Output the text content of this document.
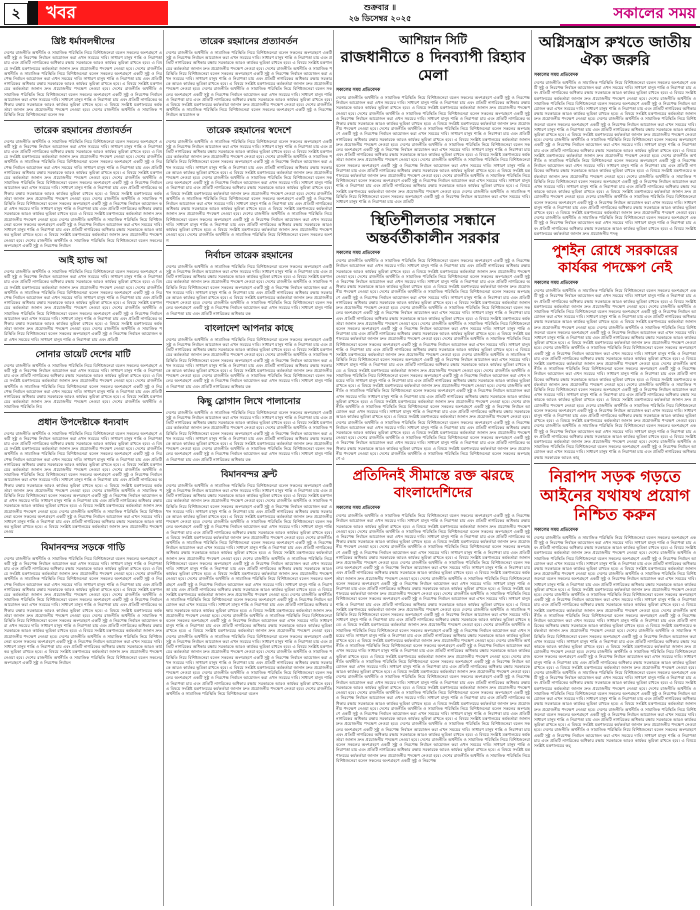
২	খবর	শুক্রবার ॥
২৬ ডিসেম্বর ২০২৫	সকালের সময়
খ্রিষ্ট ধর্মাবলম্বীদের
দেশের রাজনীতি অর্থনীতি ও সামাজিক পরিস্থিতি নিয়ে বিশিষ্টজনেরা বলেন সকলের অংশগ্রহণে একটি সুষ্ঠু ও নিরপেক্ষ নির্বাচন আয়োজন করা এখন সময়ের দাবি। সাধারণ মানুষ শান্তি ও নিরাপত্তা চায় এবং প্রতিটি নাগরিকের অধিকার রক্ষায় সরকারকে আরও কার্যকর ভূমিকা রাখতে হবে। এ বিষয়ে সংশ্লিষ্ট মন্ত্রণালয়ের কর্মকর্তারা জানান দ্রুত প্রয়োজনীয় পদক্ষেপ নেওয়া হবে। দেশের রাজনীতি অর্থনীতি ও সামাজিক পরিস্থিতি নিয়ে বিশিষ্টজনেরা বলেন সকলের অংশগ্রহণে একটি সুষ্ঠু ও নিরপেক্ষ নির্বাচন আয়োজন করা এখন সময়ের দাবি। সাধারণ মানুষ শান্তি ও নিরাপত্তা চায় এবং প্রতিটি নাগরিকের অধিকার রক্ষায় সরকারকে আরও কার্যকর ভূমিকা রাখতে হবে। এ বিষয়ে সংশ্লিষ্ট মন্ত্রণালয়ের কর্মকর্তারা জানান দ্রুত প্রয়োজনীয় পদক্ষেপ নেওয়া হবে। দেশের রাজনীতি অর্থনীতি ও সামাজিক পরিস্থিতি নিয়ে বিশিষ্টজনেরা বলেন সকলের অংশগ্রহণে একটি সুষ্ঠু ও নিরপেক্ষ নির্বাচন আয়োজন করা এখন সময়ের দাবি। সাধারণ মানুষ শান্তি ও নিরাপত্তা চায় এবং প্রতিটি নাগরিকের অধিকার রক্ষায় সরকারকে আরও কার্যকর ভূমিকা রাখতে হবে। এ বিষয়ে সংশ্লিষ্ট মন্ত্রণালয়ের কর্মকর্তারা জানান দ্রুত প্রয়োজনীয় পদক্ষেপ নেওয়া হবে। দেশের রাজনীতি অর্থনীতি ও সামাজিক পরিস্থিতি নিয়ে বিশিষ্টজনেরা বলেন সক
তারেক রহমানের প্রত্যাবর্তন
দেশের রাজনীতি অর্থনীতি ও সামাজিক পরিস্থিতি নিয়ে বিশিষ্টজনেরা বলেন সকলের অংশগ্রহণে একটি সুষ্ঠু ও নিরপেক্ষ নির্বাচন আয়োজন করা এখন সময়ের দাবি। সাধারণ মানুষ শান্তি ও নিরাপত্তা চায় এবং প্রতিটি নাগরিকের অধিকার রক্ষায় সরকারকে আরও কার্যকর ভূমিকা রাখতে হবে। এ বিষয়ে সংশ্লিষ্ট মন্ত্রণালয়ের কর্মকর্তারা জানান দ্রুত প্রয়োজনীয় পদক্ষেপ নেওয়া হবে। দেশের রাজনীতি অর্থনীতি ও সামাজিক পরিস্থিতি নিয়ে বিশিষ্টজনেরা বলেন সকলের অংশগ্রহণে একটি সুষ্ঠু ও নিরপেক্ষ নির্বাচন আয়োজন করা এখন সময়ের দাবি। সাধারণ মানুষ শান্তি ও নিরাপত্তা চায় এবং প্রতিটি নাগরিকের অধিকার রক্ষায় সরকারকে আরও কার্যকর ভূমিকা রাখতে হবে। এ বিষয়ে সংশ্লিষ্ট মন্ত্রণালয়ের কর্মকর্তারা জানান দ্রুত প্রয়োজনীয় পদক্ষেপ নেওয়া হবে। দেশের রাজনীতি অর্থনীতি ও সামাজিক পরিস্থিতি নিয়ে বিশিষ্টজনেরা বলেন সকলের অংশগ্রহণে একটি সুষ্ঠু ও নিরপেক্ষ নির্বাচন আয়োজন করা এখন সময়ের দাবি। সাধারণ মানুষ শান্তি ও নিরাপত্তা চায় এবং প্রতিটি নাগরিকের অধিকার রক্ষায় সরকারকে আরও কার্যকর ভূমিকা রাখতে হবে। এ বিষয়ে সংশ্লিষ্ট মন্ত্রণালয়ের কর্মকর্তারা জানান দ্রুত প্রয়োজনীয় পদক্ষেপ নেওয়া হবে। দেশের রাজনীতি অর্থনীতি ও সামাজিক পরিস্থিতি নিয়ে বিশিষ্টজনেরা বলেন সকলের অংশগ্রহণে একটি সুষ্ঠু ও নিরপেক্ষ নির্বাচন আয়োজন করা এখন সময়ের দাবি। সাধারণ মানুষ শান্তি ও নিরাপত্তা চায় এবং প্রতিটি নাগরিকের অধিকার রক্ষায় সরকারকে আরও কার্যকর ভূমিকা রাখতে হবে। এ বিষয়ে সংশ্লিষ্ট মন্ত্রণালয়ের কর্মকর্তারা জানান দ্রুত প্রয়োজনীয় পদক্ষেপ নেওয়া হবে। দেশের রাজনীতি অর্থনীতি ও সামাজিক পরিস্থিতি নিয়ে বিশিষ্টজনেরা বলেন সকলের অংশগ্রহণে একটি সুষ্ঠু ও নিরপেক্ষ নির্বাচন আয়োজন করা এখন সময়ের দাবি। সাধারণ মানুষ শান্তি ও নিরাপত্তা চায় এবং প্রতিটি নাগরিকের অধিকার রক্ষায় সরকারকে আরও কার্যকর ভূমিকা রাখতে হবে। এ বিষয়ে সংশ্লিষ্ট মন্ত্রণালয়ের কর্মকর্তারা জানান দ্রুত প্রয়োজনীয় পদক্ষেপ নেওয়া হবে। দেশের রাজনীতি অর্থনীতি ও সামাজিক পরিস্থিতি নিয়ে বিশিষ্টজনেরা বলেন সকলের অংশগ্রহণে একটি সুষ্ঠু ও নিরপেক্ষ নির্বাচন
আই হ্যাভ আ
দেশের রাজনীতি অর্থনীতি ও সামাজিক পরিস্থিতি নিয়ে বিশিষ্টজনেরা বলেন সকলের অংশগ্রহণে একটি সুষ্ঠু ও নিরপেক্ষ নির্বাচন আয়োজন করা এখন সময়ের দাবি। সাধারণ মানুষ শান্তি ও নিরাপত্তা চায় এবং প্রতিটি নাগরিকের অধিকার রক্ষায় সরকারকে আরও কার্যকর ভূমিকা রাখতে হবে। এ বিষয়ে সংশ্লিষ্ট মন্ত্রণালয়ের কর্মকর্তারা জানান দ্রুত প্রয়োজনীয় পদক্ষেপ নেওয়া হবে। দেশের রাজনীতি অর্থনীতি ও সামাজিক পরিস্থিতি নিয়ে বিশিষ্টজনেরা বলেন সকলের অংশগ্রহণে একটি সুষ্ঠু ও নিরপেক্ষ নির্বাচন আয়োজন করা এখন সময়ের দাবি। সাধারণ মানুষ শান্তি ও নিরাপত্তা চায় এবং প্রতিটি নাগরিকের অধিকার রক্ষায় সরকারকে আরও কার্যকর ভূমিকা রাখতে হবে। এ বিষয়ে সংশ্লিষ্ট মন্ত্রণালয়ের কর্মকর্তারা জানান দ্রুত প্রয়োজনীয় পদক্ষেপ নেওয়া হবে। দেশের রাজনীতি অর্থনীতি ও সামাজিক পরিস্থিতি নিয়ে বিশিষ্টজনেরা বলেন সকলের অংশগ্রহণে একটি সুষ্ঠু ও নিরপেক্ষ নির্বাচন আয়োজন করা এখন সময়ের দাবি। সাধারণ মানুষ শান্তি ও নিরাপত্তা চায় এবং প্রতিটি নাগরিকের অধিকার রক্ষায় সরকারকে আরও কার্যকর ভূমিকা রাখতে হবে। এ বিষয়ে সংশ্লিষ্ট মন্ত্রণালয়ের কর্মকর্তারা জানান দ্রুত প্রয়োজনীয় পদক্ষেপ নেওয়া হবে। দেশের রাজনীতি অর্থনীতি ও সামাজিক পরিস্থিতি নিয়ে বিশিষ্টজনেরা বলেন সকলের অংশগ্রহণে একটি সুষ্ঠু ও নিরপেক্ষ নির্বাচন আয়োজন করা এখন সময়ের দাবি। সাধারণ মানুষ শান্তি ও নিরাপত্তা চায় এবং প্রতিটি
সোনার ডায়েট দেশের মাটি
দেশের রাজনীতি অর্থনীতি ও সামাজিক পরিস্থিতি নিয়ে বিশিষ্টজনেরা বলেন সকলের অংশগ্রহণে একটি সুষ্ঠু ও নিরপেক্ষ নির্বাচন আয়োজন করা এখন সময়ের দাবি। সাধারণ মানুষ শান্তি ও নিরাপত্তা চায় এবং প্রতিটি নাগরিকের অধিকার রক্ষায় সরকারকে আরও কার্যকর ভূমিকা রাখতে হবে। এ বিষয়ে সংশ্লিষ্ট মন্ত্রণালয়ের কর্মকর্তারা জানান দ্রুত প্রয়োজনীয় পদক্ষেপ নেওয়া হবে। দেশের রাজনীতি অর্থনীতি ও সামাজিক পরিস্থিতি নিয়ে বিশিষ্টজনেরা বলেন সকলের অংশগ্রহণে একটি সুষ্ঠু ও নিরপেক্ষ নির্বাচন আয়োজন করা এখন সময়ের দাবি। সাধারণ মানুষ শান্তি ও নিরাপত্তা চায় এবং প্রতিটি নাগরিকের অধিকার রক্ষায় সরকারকে আরও কার্যকর ভূমিকা রাখতে হবে। এ বিষয়ে সংশ্লিষ্ট মন্ত্রণালয়ের কর্মকর্তারা জানান দ্রুত প্রয়োজনীয় পদক্ষেপ নেওয়া হবে। দেশের রাজনীতি অর্থনীতি ও সামাজিক পরিস্থিতি নিয
প্রধান উপদেষ্টাকে ধন্যবাদ
দেশের রাজনীতি অর্থনীতি ও সামাজিক পরিস্থিতি নিয়ে বিশিষ্টজনেরা বলেন সকলের অংশগ্রহণে একটি সুষ্ঠু ও নিরপেক্ষ নির্বাচন আয়োজন করা এখন সময়ের দাবি। সাধারণ মানুষ শান্তি ও নিরাপত্তা চায় এবং প্রতিটি নাগরিকের অধিকার রক্ষায় সরকারকে আরও কার্যকর ভূমিকা রাখতে হবে। এ বিষয়ে সংশ্লিষ্ট মন্ত্রণালয়ের কর্মকর্তারা জানান দ্রুত প্রয়োজনীয় পদক্ষেপ নেওয়া হবে। দেশের রাজনীতি অর্থনীতি ও সামাজিক পরিস্থিতি নিয়ে বিশিষ্টজনেরা বলেন সকলের অংশগ্রহণে একটি সুষ্ঠু ও নিরপেক্ষ নির্বাচন আয়োজন করা এখন সময়ের দাবি। সাধারণ মানুষ শান্তি ও নিরাপত্তা চায় এবং প্রতিটি নাগরিকের অধিকার রক্ষায় সরকারকে আরও কার্যকর ভূমিকা রাখতে হবে। এ বিষয়ে সংশ্লিষ্ট মন্ত্রণালয়ের কর্মকর্তারা জানান দ্রুত প্রয়োজনীয় পদক্ষেপ নেওয়া হবে। দেশের রাজনীতি অর্থনীতি ও সামাজিক পরিস্থিতি নিয়ে বিশিষ্টজনেরা বলেন সকলের অংশগ্রহণে একটি সুষ্ঠু ও নিরপেক্ষ নির্বাচন আয়োজন করা এখন সময়ের দাবি। সাধারণ মানুষ শান্তি ও নিরাপত্তা চায় এবং প্রতিটি নাগরিকের অধিকার রক্ষায় সরকারকে আরও কার্যকর ভূমিকা রাখতে হবে। এ বিষয়ে সংশ্লিষ্ট মন্ত্রণালয়ের কর্মকর্তারা জানান দ্রুত প্রয়োজনীয় পদক্ষেপ নেওয়া হবে। দেশের রাজনীতি অর্থনীতি ও সামাজিক পরিস্থিতি নিয়ে বিশিষ্টজনেরা বলেন সকলের অংশগ্রহণে একটি সুষ্ঠু ও নিরপেক্ষ নির্বাচন আয়োজন করা এখন সময়ের দাবি। সাধারণ মানুষ শান্তি ও নিরাপত্তা চায় এবং প্রতিটি নাগরিকের অধিকার রক্ষায় সরকারকে আরও কার্যকর ভূমিকা রাখতে হবে। এ বিষয়ে সংশ্লিষ্ট মন্ত্রণালয়ের কর্মকর্তারা জানান দ্রুত প্রয়োজনীয় পদক্ষেপ নেওয়া হবে। দেশের রাজনীতি অর্থনীতি ও সামাজিক পরিস্থিতি নিয়ে বিশিষ্টজনেরা বলেন সকলের অংশগ্রহণে একটি সুষ্ঠু ও নিরপেক্ষ নির্বাচন আয়োজন করা এখন সময়ের দাবি। সাধারণ মানুষ শান্তি ও নিরাপত্তা চায় এবং প্রতিটি নাগরিকের অধিকার রক্ষায় সরকারকে আরও কার্যকর ভূমিকা রাখতে হবে। এ বিষয়ে সংশ্লিষ্ট মন্ত্রণালয়ের কর্মকর্তারা জানান দ্রুত প্রয়োজনীয় পদক্ষেপ নেওয়
বিমানবন্দর সড়কে গাড়ি
দেশের রাজনীতি অর্থনীতি ও সামাজিক পরিস্থিতি নিয়ে বিশিষ্টজনেরা বলেন সকলের অংশগ্রহণে একটি সুষ্ঠু ও নিরপেক্ষ নির্বাচন আয়োজন করা এখন সময়ের দাবি। সাধারণ মানুষ শান্তি ও নিরাপত্তা চায় এবং প্রতিটি নাগরিকের অধিকার রক্ষায় সরকারকে আরও কার্যকর ভূমিকা রাখতে হবে। এ বিষয়ে সংশ্লিষ্ট মন্ত্রণালয়ের কর্মকর্তারা জানান দ্রুত প্রয়োজনীয় পদক্ষেপ নেওয়া হবে। দেশের রাজনীতি অর্থনীতি ও সামাজিক পরিস্থিতি নিয়ে বিশিষ্টজনেরা বলেন সকলের অংশগ্রহণে একটি সুষ্ঠু ও নিরপেক্ষ নির্বাচন আয়োজন করা এখন সময়ের দাবি। সাধারণ মানুষ শান্তি ও নিরাপত্তা চায় এবং প্রতিটি নাগরিকের অধিকার রক্ষায় সরকারকে আরও কার্যকর ভূমিকা রাখতে হবে। এ বিষয়ে সংশ্লিষ্ট মন্ত্রণালয়ের কর্মকর্তারা জানান দ্রুত প্রয়োজনীয় পদক্ষেপ নেওয়া হবে। দেশের রাজনীতি অর্থনীতি ও সামাজিক পরিস্থিতি নিয়ে বিশিষ্টজনেরা বলেন সকলের অংশগ্রহণে একটি সুষ্ঠু ও নিরপেক্ষ নির্বাচন আয়োজন করা এখন সময়ের দাবি। সাধারণ মানুষ শান্তি ও নিরাপত্তা চায় এবং প্রতিটি নাগরিকের অধিকার রক্ষায় সরকারকে আরও কার্যকর ভূমিকা রাখতে হবে। এ বিষয়ে সংশ্লিষ্ট মন্ত্রণালয়ের কর্মকর্তারা জানান দ্রুত প্রয়োজনীয় পদক্ষেপ নেওয়া হবে। দেশের রাজনীতি অর্থনীতি ও সামাজিক পরিস্থিতি নিয়ে বিশিষ্টজনেরা বলেন সকলের অংশগ্রহণে একটি সুষ্ঠু ও নিরপেক্ষ নির্বাচন আয়োজন করা এখন সময়ের দাবি। সাধারণ মানুষ শান্তি ও নিরাপত্তা চায় এবং প্রতিটি নাগরিকের অধিকার রক্ষায় সরকারকে আরও কার্যকর ভূমিকা রাখতে হবে। এ বিষয়ে সংশ্লিষ্ট মন্ত্রণালয়ের কর্মকর্তারা জানান দ্রুত প্রয়োজনীয় পদক্ষেপ নেওয়া হবে। দেশের রাজনীতি অর্থনীতি ও সামাজিক পরিস্থিতি নিয়ে বিশিষ্টজনেরা বলেন সকলের অংশগ্রহণে একটি সুষ্ঠু ও নিরপেক্ষ নির্বাচন আয়োজন করা এখন সময়ের দাবি। সাধারণ মানুষ শান্তি ও নিরাপত্তা চায় এবং প্রতিটি নাগরিকের অধিকার রক্ষায় সরকারকে আরও কার্যকর ভূমিকা রাখতে হবে। এ বিষয়ে সংশ্লিষ্ট মন্ত্রণালয়ের কর্মকর্তারা জানান দ্রুত প্রয়োজনীয় পদক্ষেপ নেওয়া হবে। দেশের রাজনীতি অর্থনীতি ও সামাজিক পরিস্থিতি নিয়ে বিশিষ্টজনেরা বলেন সকলের অংশগ্রহণে একটি সুষ্ঠু ও নিরপেক্ষ নির্বাচন
তারেক রহমানের প্রত্যাবর্তন
দেশের রাজনীতি অর্থনীতি ও সামাজিক পরিস্থিতি নিয়ে বিশিষ্টজনেরা বলেন সকলের অংশগ্রহণে একটি সুষ্ঠু ও নিরপেক্ষ নির্বাচন আয়োজন করা এখন সময়ের দাবি। সাধারণ মানুষ শান্তি ও নিরাপত্তা চায় এবং প্রতিটি নাগরিকের অধিকার রক্ষায় সরকারকে আরও কার্যকর ভূমিকা রাখতে হবে। এ বিষয়ে সংশ্লিষ্ট মন্ত্রণালয়ের কর্মকর্তারা জানান দ্রুত প্রয়োজনীয় পদক্ষেপ নেওয়া হবে। দেশের রাজনীতি অর্থনীতি ও সামাজিক পরিস্থিতি নিয়ে বিশিষ্টজনেরা বলেন সকলের অংশগ্রহণে একটি সুষ্ঠু ও নিরপেক্ষ নির্বাচন আয়োজন করা এখন সময়ের দাবি। সাধারণ মানুষ শান্তি ও নিরাপত্তা চায় এবং প্রতিটি নাগরিকের অধিকার রক্ষায় সরকারকে আরও কার্যকর ভূমিকা রাখতে হবে। এ বিষয়ে সংশ্লিষ্ট মন্ত্রণালয়ের কর্মকর্তারা জানান দ্রুত প্রয়োজনীয় পদক্ষেপ নেওয়া হবে। দেশের রাজনীতি অর্থনীতি ও সামাজিক পরিস্থিতি নিয়ে বিশিষ্টজনেরা বলেন সকলের অংশগ্রহণে একটি সুষ্ঠু ও নিরপেক্ষ নির্বাচন আয়োজন করা এখন সময়ের দাবি। সাধারণ মানুষ শান্তি ও নিরাপত্তা চায় এবং প্রতিটি নাগরিকের অধিকার রক্ষায় সরকারকে আরও কার্যকর ভূমিকা রাখতে হবে। এ বিষয়ে সংশ্লিষ্ট মন্ত্রণালয়ের কর্মকর্তারা জানান দ্রুত প্রয়োজনীয় পদক্ষেপ নেওয়া হবে। দেশের রাজনীতি অর্থনীতি ও সামাজিক পরিস্থিতি নিয়ে বিশিষ্টজনেরা বলেন সকলের অংশগ্রহণে একটি সুষ্ঠু ও নিরপেক্ষ নির্বাচন আয়োজন ক
তারেক রহমানের স্বদেশে
দেশের রাজনীতি অর্থনীতি ও সামাজিক পরিস্থিতি নিয়ে বিশিষ্টজনেরা বলেন সকলের অংশগ্রহণে একটি সুষ্ঠু ও নিরপেক্ষ নির্বাচন আয়োজন করা এখন সময়ের দাবি। সাধারণ মানুষ শান্তি ও নিরাপত্তা চায় এবং প্রতিটি নাগরিকের অধিকার রক্ষায় সরকারকে আরও কার্যকর ভূমিকা রাখতে হবে। এ বিষয়ে সংশ্লিষ্ট মন্ত্রণালয়ের কর্মকর্তারা জানান দ্রুত প্রয়োজনীয় পদক্ষেপ নেওয়া হবে। দেশের রাজনীতি অর্থনীতি ও সামাজিক পরিস্থিতি নিয়ে বিশিষ্টজনেরা বলেন সকলের অংশগ্রহণে একটি সুষ্ঠু ও নিরপেক্ষ নির্বাচন আয়োজন করা এখন সময়ের দাবি। সাধারণ মানুষ শান্তি ও নিরাপত্তা চায় এবং প্রতিটি নাগরিকের অধিকার রক্ষায় সরকারকে আরও কার্যকর ভূমিকা রাখতে হবে। এ বিষয়ে সংশ্লিষ্ট মন্ত্রণালয়ের কর্মকর্তারা জানান দ্রুত প্রয়োজনীয় পদক্ষেপ নেওয়া হবে। দেশের রাজনীতি অর্থনীতি ও সামাজিক পরিস্থিতি নিয়ে বিশিষ্টজনেরা বলেন সকলের অংশগ্রহণে একটি সুষ্ঠু ও নিরপেক্ষ নির্বাচন আয়োজন করা এখন সময়ের দাবি। সাধারণ মানুষ শান্তি ও নিরাপত্তা চায় এবং প্রতিটি নাগরিকের অধিকার রক্ষায় সরকারকে আরও কার্যকর ভূমিকা রাখতে হবে। এ বিষয়ে সংশ্লিষ্ট মন্ত্রণালয়ের কর্মকর্তারা জানান দ্রুত প্রয়োজনীয় পদক্ষেপ নেওয়া হবে। দেশের রাজনীতি অর্থনীতি ও সামাজিক পরিস্থিতি নিয়ে বিশিষ্টজনেরা বলেন সকলের অংশগ্রহণে একটি সুষ্ঠু ও নিরপেক্ষ নির্বাচন আয়োজন করা এখন সময়ের দাবি। সাধারণ মানুষ শান্তি ও নিরাপত্তা চায় এবং প্রতিটি নাগরিকের অধিকার রক্ষায় সরকারকে আরও কার্যকর ভূমিকা রাখতে হবে। এ বিষয়ে সংশ্লিষ্ট মন্ত্রণালয়ের কর্মকর্তারা জানান দ্রুত প্রয়োজনীয় পদক্ষেপ নেওয়া হবে। দেশের রাজনীতি অর্থনীতি ও সামাজিক পরিস্থিতি নিয়ে বিশিষ্টজনেরা বলেন সকলের অংশগ্রহণে একটি সুষ্ঠু ও নিরপেক্ষ নির্বাচন আয়োজন করা এখন সময়ের দাবি। সাধারণ মানুষ শান্তি ও নিরাপত্তা চায় এবং প্রতিটি নাগরিকের অধিকার রক্ষায় সরকারকে আরও কার্যকর ভূমিকা রাখতে হবে। এ বিষয়ে সংশ্লিষ্ট মন্ত্রণালয়ের কর্মকর্তারা জানান দ্রুত প্রয়োজনীয় পদক্ষেপ নেওয়া হবে। দেশের রাজনীতি অর্থনীতি ও সামাজিক পরিস্থিতি নিয়ে বিশিষ্টজনেরা বলেন সকলের অংশগ
নির্বাচন তারেক রহমানের
দেশের রাজনীতি অর্থনীতি ও সামাজিক পরিস্থিতি নিয়ে বিশিষ্টজনেরা বলেন সকলের অংশগ্রহণে একটি সুষ্ঠু ও নিরপেক্ষ নির্বাচন আয়োজন করা এখন সময়ের দাবি। সাধারণ মানুষ শান্তি ও নিরাপত্তা চায় এবং প্রতিটি নাগরিকের অধিকার রক্ষায় সরকারকে আরও কার্যকর ভূমিকা রাখতে হবে। এ বিষয়ে সংশ্লিষ্ট মন্ত্রণালয়ের কর্মকর্তারা জানান দ্রুত প্রয়োজনীয় পদক্ষেপ নেওয়া হবে। দেশের রাজনীতি অর্থনীতি ও সামাজিক পরিস্থিতি নিয়ে বিশিষ্টজনেরা বলেন সকলের অংশগ্রহণে একটি সুষ্ঠু ও নিরপেক্ষ নির্বাচন আয়োজন করা এখন সময়ের দাবি। সাধারণ মানুষ শান্তি ও নিরাপত্তা চায় এবং প্রতিটি নাগরিকের অধিকার রক্ষায় সরকারকে আরও কার্যকর ভূমিকা রাখতে হবে। এ বিষয়ে সংশ্লিষ্ট মন্ত্রণালয়ের কর্মকর্তারা জানান দ্রুত প্রয়োজনীয় পদক্ষেপ নেওয়া হবে। দেশের রাজনীতি অর্থনীতি ও সামাজিক পরিস্থিতি নিয়ে বিশিষ্টজনেরা বলেন সকলের অংশগ্রহণে একটি সুষ্ঠু ও নিরপেক্ষ নির্বাচন আয়োজন করা এখন সময়ের দাবি। সাধারণ মানুষ শান্তি ও নিরাপত্তা চায় এবং প্রতিটি নাগরিকের অধিকার রক
বাংলাদেশ আপনার কাছে
দেশের রাজনীতি অর্থনীতি ও সামাজিক পরিস্থিতি নিয়ে বিশিষ্টজনেরা বলেন সকলের অংশগ্রহণে একটি সুষ্ঠু ও নিরপেক্ষ নির্বাচন আয়োজন করা এখন সময়ের দাবি। সাধারণ মানুষ শান্তি ও নিরাপত্তা চায় এবং প্রতিটি নাগরিকের অধিকার রক্ষায় সরকারকে আরও কার্যকর ভূমিকা রাখতে হবে। এ বিষয়ে সংশ্লিষ্ট মন্ত্রণালয়ের কর্মকর্তারা জানান দ্রুত প্রয়োজনীয় পদক্ষেপ নেওয়া হবে। দেশের রাজনীতি অর্থনীতি ও সামাজিক পরিস্থিতি নিয়ে বিশিষ্টজনেরা বলেন সকলের অংশগ্রহণে একটি সুষ্ঠু ও নিরপেক্ষ নির্বাচন আয়োজন করা এখন সময়ের দাবি। সাধারণ মানুষ শান্তি ও নিরাপত্তা চায় এবং প্রতিটি নাগরিকের অধিকার রক্ষায় সরকারকে আরও কার্যকর ভূমিকা রাখতে হবে। এ বিষয়ে সংশ্লিষ্ট মন্ত্রণালয়ের কর্মকর্তারা জানান দ্রুত প্রয়োজনীয় পদক্ষেপ নেওয়া হবে। দেশের রাজনীতি অর্থনীতি ও সামাজিক পরিস্থিতি নিয়ে বিশিষ্টজনেরা বলেন সকলের অংশগ্রহণে একটি সুষ্ঠু ও নিরপেক্ষ নির্বাচন আয়োজন করা এখন সময়ের দাবি। সাধারণ মানুষ শান্তি ও নিরাপত্তা চায় এবং প্রতিটি নাগরিকের অধিকার রক
কিছু স্লোগান লিখে পালানোর
দেশের রাজনীতি অর্থনীতি ও সামাজিক পরিস্থিতি নিয়ে বিশিষ্টজনেরা বলেন সকলের অংশগ্রহণে একটি সুষ্ঠু ও নিরপেক্ষ নির্বাচন আয়োজন করা এখন সময়ের দাবি। সাধারণ মানুষ শান্তি ও নিরাপত্তা চায় এবং প্রতিটি নাগরিকের অধিকার রক্ষায় সরকারকে আরও কার্যকর ভূমিকা রাখতে হবে। এ বিষয়ে সংশ্লিষ্ট মন্ত্রণালয়ের কর্মকর্তারা জানান দ্রুত প্রয়োজনীয় পদক্ষেপ নেওয়া হবে। দেশের রাজনীতি অর্থনীতি ও সামাজিক পরিস্থিতি নিয়ে বিশিষ্টজনেরা বলেন সকলের অংশগ্রহণে একটি সুষ্ঠু ও নিরপেক্ষ নির্বাচন আয়োজন করা এখন সময়ের দাবি। সাধারণ মানুষ শান্তি ও নিরাপত্তা চায় এবং প্রতিটি নাগরিকের অধিকার রক্ষায় সরকারকে আরও কার্যকর ভূমিকা রাখতে হবে। এ বিষয়ে সংশ্লিষ্ট মন্ত্রণালয়ের কর্মকর্তারা জানান দ্রুত প্রয়োজনীয় পদক্ষেপ নেওয়া হবে। দেশের রাজনীতি অর্থনীতি ও সামাজিক পরিস্থিতি নিয়ে বিশিষ্টজনেরা বলেন সকলের অংশগ্রহণে একটি সুষ্ঠু ও নিরপেক্ষ নির্বাচন আয়োজন করা এখন সময়ের দাবি। সাধারণ মানুষ শান্তি ও নিরাপত্তা চায় এবং প্রতিটি নাগরিকের অধিকার রক
বিমানবন্দর ফ্রন্ট
দেশের রাজনীতি অর্থনীতি ও সামাজিক পরিস্থিতি নিয়ে বিশিষ্টজনেরা বলেন সকলের অংশগ্রহণে একটি সুষ্ঠু ও নিরপেক্ষ নির্বাচন আয়োজন করা এখন সময়ের দাবি। সাধারণ মানুষ শান্তি ও নিরাপত্তা চায় এবং প্রতিটি নাগরিকের অধিকার রক্ষায় সরকারকে আরও কার্যকর ভূমিকা রাখতে হবে। এ বিষয়ে সংশ্লিষ্ট মন্ত্রণালয়ের কর্মকর্তারা জানান দ্রুত প্রয়োজনীয় পদক্ষেপ নেওয়া হবে। দেশের রাজনীতি অর্থনীতি ও সামাজিক পরিস্থিতি নিয়ে বিশিষ্টজনেরা বলেন সকলের অংশগ্রহণে একটি সুষ্ঠু ও নিরপেক্ষ নির্বাচন আয়োজন করা এখন সময়ের দাবি। সাধারণ মানুষ শান্তি ও নিরাপত্তা চায় এবং প্রতিটি নাগরিকের অধিকার রক্ষায় সরকারকে আরও কার্যকর ভূমিকা রাখতে হবে। এ বিষয়ে সংশ্লিষ্ট মন্ত্রণালয়ের কর্মকর্তারা জানান দ্রুত প্রয়োজনীয় পদক্ষেপ নেওয়া হবে। দেশের রাজনীতি অর্থনীতি ও সামাজিক পরিস্থিতি নিয়ে বিশিষ্টজনেরা বলেন সকলের অংশগ্রহণে একটি সুষ্ঠু ও নিরপেক্ষ নির্বাচন আয়োজন করা এখন সময়ের দাবি। সাধারণ মানুষ শান্তি ও নিরাপত্তা চায় এবং প্রতিটি নাগরিকের অধিকার রক্ষায় সরকারকে আরও কার্যকর ভূমিকা রাখতে হবে। এ বিষয়ে সংশ্লিষ্ট মন্ত্রণালয়ের কর্মকর্তারা জানান দ্রুত প্রয়োজনীয় পদক্ষেপ নেওয়া হবে। দেশের রাজনীতি অর্থনীতি ও সামাজিক পরিস্থিতি নিয়ে বিশিষ্টজনেরা বলেন সকলের অংশগ্রহণে একটি সুষ্ঠু ও নিরপেক্ষ নির্বাচন আয়োজন করা এখন সময়ের দাবি। সাধারণ মানুষ শান্তি ও নিরাপত্তা চায় এবং প্রতিটি নাগরিকের অধিকার রক্ষায় সরকারকে আরও কার্যকর ভূমিকা রাখতে হবে। এ বিষয়ে সংশ্লিষ্ট মন্ত্রণালয়ের কর্মকর্তারা জানান দ্রুত প্রয়োজনীয় পদক্ষেপ নেওয়া হবে। দেশের রাজনীতি অর্থনীতি ও সামাজিক পরিস্থিতি নিয়ে বিশিষ্টজনেরা বলেন সকলের অংশগ্রহণে একটি সুষ্ঠু ও নিরপেক্ষ নির্বাচন আয়োজন করা এখন সময়ের দাবি। সাধারণ মানুষ শান্তি ও নিরাপত্তা চায় এবং প্রতিটি নাগরিকের অধিকার রক্ষায় সরকারকে আরও কার্যকর ভূমিকা রাখতে হবে। এ বিষয়ে সংশ্লিষ্ট মন্ত্রণালয়ের কর্মকর্তারা জানান দ্রুত প্রয়োজনীয় পদক্ষেপ নেওয়া হবে। দেশের রাজনীতি অর্থনীতি ও সামাজিক পরিস্থিতি নিয়ে বিশিষ্টজনেরা বলেন সকলের অংশগ্রহণে একটি সুষ্ঠু ও নিরপেক্ষ নির্বাচন আয়োজন করা এখন সময়ের দাবি। সাধারণ মানুষ শান্তি ও নিরাপত্তা চায় এবং প্রতিটি নাগরিকের অধিকার রক্ষায় সরকারকে আরও কার্যকর ভূমিকা রাখতে হবে। এ বিষয়ে সংশ্লিষ্ট মন্ত্রণালয়ের কর্মকর্তারা জানান দ্রুত প্রয়োজনীয় পদক্ষেপ নেওয়া হবে। দেশের রাজনীতি অর্থনীতি ও সামাজিক পরিস্থিতি নিয়ে বিশিষ্টজনেরা বলেন সকলের অংশগ্রহণে একটি সুষ্ঠু ও নিরপেক্ষ নির্বাচন আয়োজন করা এখন সময়ের দাবি। সাধারণ মানুষ শান্তি ও নিরাপত্তা চায় এবং প্রতিটি নাগরিকের অধিকার রক্ষায় সরকারকে আরও কার্যকর ভূমিকা রাখতে হবে। এ বিষয়ে সংশ্লিষ্ট মন্ত্রণালয়ের কর্মকর্তারা জানান দ্রুত প্রয়োজনীয় পদক্ষেপ নেওয়া হবে। দেশের রাজনীতি অর্থনীতি ও সামাজিক পরিস্থিতি নিয়ে বিশিষ্টজনেরা বলেন সকলের অংশগ্রহণে একটি সুষ্ঠু ও নিরপেক্ষ নির্বাচন আয়োজন করা এখন সময়ের দাবি। সাধারণ মানুষ শান্তি ও নিরাপত্তা চায় এবং প্রতিটি নাগরিকের অধিকার রক্ষায় সরকারকে আরও কার্যকর ভূমিকা রাখতে হবে। এ বিষয়ে সংশ্লিষ্ট মন্ত্রণালয়ের কর্মকর্তারা জানান দ্রুত প্রয়োজনীয় পদক্ষেপ নেওয়া হবে। দেশের রাজনীতি অর্থনীতি ও সামাজিক পরিস্থিতি নিয়ে বিশিষ্টজনেরা বলেন সকলের অংশগ্রহণে একটি সুষ্ঠু ও নিরপেক্ষ নির্বাচন আয়োজন করা এখন সময়ের দাবি। সাধারণ মানুষ শান্তি ও নিরাপত্তা চায় এবং প্রতিটি নাগরিকের অধিকার রক্ষায় সরকারকে আরও কার্যকর ভূমিকা রাখতে হবে। এ বিষয়ে সংশ্লিষ্ট মন্ত্রণালয়ের কর্মকর্তারা জানান দ্রুত প্রয়োজনীয় পদক্ষেপ নেওয়া হবে। দেশের রাজনীতি অর্থনীতি ও সামাজিক পরিস্থিতি নিয়ে বিশিষ্টজনেরা বলেন সকলের অংশগ্রহণে একটি সুষ্ঠু ও নিরপেক্ষ নির্বাচন আয়োজন করা এখন সময়ের দাবি। সাধারণ মানুষ শান্তি ও নিরাপত্তা চায় এবং প্রতিটি নাগরিকের অধিকার রক্ষায় সরকারকে আরও কার্যকর ভূমিকা রাখতে হবে। এ বিষয়ে সংশ্লিষ্ট মন্ত্রণালয়ের কর্মকর্তারা জানান দ্রুত প্রয়োজনীয় পদক্ষেপ নেওয়া হবে। দেশের রাজনীতি অর্থনীতি ও সামাজিক পরিস্থিতি নিয়ে বিশিষ্টজনেরা বলেন সকলের অংশগ্রহণে একটি সুষ্ঠু ও নিরপেক্ষ নির্বাচন আয়োজন করা এখন সময়ের দাবি। সাধারণ মানুষ শান্তি ও নিরাপত্তা চায় এবং প্রতিটি নাগরিকের অধিকার রক্ষায় সরকারকে আরও কার্যকর ভূমিকা রাখতে হবে। এ বিষয়ে সংশ্লিষ্ট মন্ত্রণালয়ের কর্মকর্তারা জানান দ্রুত প্রয়োজনীয় পদক্ষেপ নেওয়া হবে। দেশের রাজনীতি অর্থনীতি ও সামাজিক পরিস্থিতি নিয়ে বিশিষ্টজনেরা বলেন
আশিয়ান সিটি
রাজধানীতে ৪ দিনব্যাপী রিহ্যাব মেলা
সকালের সময় প্রতিবেদক
দেশের রাজনীতি অর্থনীতি ও সামাজিক পরিস্থিতি নিয়ে বিশিষ্টজনেরা বলেন সকলের অংশগ্রহণে একটি সুষ্ঠু ও নিরপেক্ষ নির্বাচন আয়োজন করা এখন সময়ের দাবি। সাধারণ মানুষ শান্তি ও নিরাপত্তা চায় এবং প্রতিটি নাগরিকের অধিকার রক্ষায় সরকারকে আরও কার্যকর ভূমিকা রাখতে হবে। এ বিষয়ে সংশ্লিষ্ট মন্ত্রণালয়ের কর্মকর্তারা জানান দ্রুত প্রয়োজনীয় পদক্ষেপ নেওয়া হবে। দেশের রাজনীতি অর্থনীতি ও সামাজিক পরিস্থিতি নিয়ে বিশিষ্টজনেরা বলেন সকলের অংশগ্রহণে একটি সুষ্ঠু ও নিরপেক্ষ নির্বাচন আয়োজন করা এখন সময়ের দাবি। সাধারণ মানুষ শান্তি ও নিরাপত্তা চায় এবং প্রতিটি নাগরিকের অধিকার রক্ষায় সরকারকে আরও কার্যকর ভূমিকা রাখতে হবে। এ বিষয়ে সংশ্লিষ্ট মন্ত্রণালয়ের কর্মকর্তারা জানান দ্রুত প্রয়োজনীয় পদক্ষেপ নেওয়া হবে। দেশের রাজনীতি অর্থনীতি ও সামাজিক পরিস্থিতি নিয়ে বিশিষ্টজনেরা বলেন সকলের অংশগ্রহণে একটি সুষ্ঠু ও নিরপেক্ষ নির্বাচন আয়োজন করা এখন সময়ের দাবি। সাধারণ মানুষ শান্তি ও নিরাপত্তা চায় এবং প্রতিটি নাগরিকের অধিকার রক্ষায় সরকারকে আরও কার্যকর ভূমিকা রাখতে হবে। এ বিষয়ে সংশ্লিষ্ট মন্ত্রণালয়ের কর্মকর্তারা জানান দ্রুত প্রয়োজনীয় পদক্ষেপ নেওয়া হবে। দেশের রাজনীতি অর্থনীতি ও সামাজিক পরিস্থিতি নিয়ে বিশিষ্টজনেরা বলেন সকলের অংশগ্রহণে একটি সুষ্ঠু ও নিরপেক্ষ নির্বাচন আয়োজন করা এখন সময়ের দাবি। সাধারণ মানুষ শান্তি ও নিরাপত্তা চায় এবং প্রতিটি নাগরিকের অধিকার রক্ষায় সরকারকে আরও কার্যকর ভূমিকা রাখতে হবে। এ বিষয়ে সংশ্লিষ্ট মন্ত্রণালয়ের কর্মকর্তারা জানান দ্রুত প্রয়োজনীয় পদক্ষেপ নেওয়া হবে। দেশের রাজনীতি অর্থনীতি ও সামাজিক পরিস্থিতি নিয়ে বিশিষ্টজনেরা বলেন সকলের অংশগ্রহণে একটি সুষ্ঠু ও নিরপেক্ষ নির্বাচন আয়োজন করা এখন সময়ের দাবি। সাধারণ মানুষ শান্তি ও নিরাপত্তা চায় এবং প্রতিটি নাগরিকের অধিকার রক্ষায় সরকারকে আরও কার্যকর ভূমিকা রাখতে হবে। এ বিষয়ে সংশ্লিষ্ট মন্ত্রণালয়ের কর্মকর্তারা জানান দ্রুত প্রয়োজনীয় পদক্ষেপ নেওয়া হবে। দেশের রাজনীতি অর্থনীতি ও সামাজিক পরিস্থিতি নিয়ে বিশিষ্টজনেরা বলেন সকলের অংশগ্রহণে একটি সুষ্ঠু ও নিরপেক্ষ নির্বাচন আয়োজন করা এখন সময়ের দাবি। সাধারণ মানুষ শান্তি ও নিরাপত্তা চায় এবং প্রতিটি নাগরিকের অধিকার রক্ষায় সরকারকে আরও কার্যকর ভূমিকা রাখতে হবে। এ বিষয়ে সংশ্লিষ্ট মন্ত্রণালয়ের কর্মকর্তারা জানান দ্রুত প্রয়োজনীয় পদক্ষেপ নেওয়া হবে। দেশের রাজনীতি অর্থনীতি ও সামাজিক পরিস্থিতি নিয়ে বিশিষ্টজনেরা বলেন সকলের অংশগ্রহণে একটি সুষ্ঠু ও নিরপেক্ষ নির্বাচন আয়োজন করা এখন সময়ের দাবি। সাধারণ মানুষ শান্তি ও নিরাপত্তা চায় এবং প্রতিটি
স্থিতিশীলতার সন্ধানে অন্তর্বর্তীকালীন সরকার
সকালের সময় প্রতিবেদক
দেশের রাজনীতি অর্থনীতি ও সামাজিক পরিস্থিতি নিয়ে বিশিষ্টজনেরা বলেন সকলের অংশগ্রহণে একটি সুষ্ঠু ও নিরপেক্ষ নির্বাচন আয়োজন করা এখন সময়ের দাবি। সাধারণ মানুষ শান্তি ও নিরাপত্তা চায় এবং প্রতিটি নাগরিকের অধিকার রক্ষায় সরকারকে আরও কার্যকর ভূমিকা রাখতে হবে। এ বিষয়ে সংশ্লিষ্ট মন্ত্রণালয়ের কর্মকর্তারা জানান দ্রুত প্রয়োজনীয় পদক্ষেপ নেওয়া হবে। দেশের রাজনীতি অর্থনীতি ও সামাজিক পরিস্থিতি নিয়ে বিশিষ্টজনেরা বলেন সকলের অংশগ্রহণে একটি সুষ্ঠু ও নিরপেক্ষ নির্বাচন আয়োজন করা এখন সময়ের দাবি। সাধারণ মানুষ শান্তি ও নিরাপত্তা চায় এবং প্রতিটি নাগরিকের অধিকার রক্ষায় সরকারকে আরও কার্যকর ভূমিকা রাখতে হবে। এ বিষয়ে সংশ্লিষ্ট মন্ত্রণালয়ের কর্মকর্তারা জানান দ্রুত প্রয়োজনীয় পদক্ষেপ নেওয়া হবে। দেশের রাজনীতি অর্থনীতি ও সামাজিক পরিস্থিতি নিয়ে বিশিষ্টজনেরা বলেন সকলের অংশগ্রহণে একটি সুষ্ঠু ও নিরপেক্ষ নির্বাচন আয়োজন করা এখন সময়ের দাবি। সাধারণ মানুষ শান্তি ও নিরাপত্তা চায় এবং প্রতিটি নাগরিকের অধিকার রক্ষায় সরকারকে আরও কার্যকর ভূমিকা রাখতে হবে। এ বিষয়ে সংশ্লিষ্ট মন্ত্রণালয়ের কর্মকর্তারা জানান দ্রুত প্রয়োজনীয় পদক্ষেপ নেওয়া হবে। দেশের রাজনীতি অর্থনীতি ও সামাজিক পরিস্থিতি নিয়ে বিশিষ্টজনেরা বলেন সকলের অংশগ্রহণে একটি সুষ্ঠু ও নিরপেক্ষ নির্বাচন আয়োজন করা এখন সময়ের দাবি। সাধারণ মানুষ শান্তি ও নিরাপত্তা চায় এবং প্রতিটি নাগরিকের অধিকার রক্ষায় সরকারকে আরও কার্যকর ভূমিকা রাখতে হবে। এ বিষয়ে সংশ্লিষ্ট মন্ত্রণালয়ের কর্মকর্তারা জানান দ্রুত প্রয়োজনীয় পদক্ষেপ নেওয়া হবে। দেশের রাজনীতি অর্থনীতি ও সামাজিক পরিস্থিতি নিয়ে বিশিষ্টজনেরা বলেন সকলের অংশগ্রহণে একটি সুষ্ঠু ও নিরপেক্ষ নির্বাচন আয়োজন করা এখন সময়ের দাবি। সাধারণ মানুষ শান্তি ও নিরাপত্তা চায় এবং প্রতিটি নাগরিকের অধিকার রক্ষায় সরকারকে আরও কার্যকর ভূমিকা রাখতে হবে। এ বিষয়ে সংশ্লিষ্ট মন্ত্রণালয়ের কর্মকর্তারা জানান দ্রুত প্রয়োজনীয় পদক্ষেপ নেওয়া হবে। দেশের রাজনীতি অর্থনীতি ও সামাজিক পরিস্থিতি নিয়ে বিশিষ্টজনেরা বলেন সকলের অংশগ্রহণে একটি সুষ্ঠু ও নিরপেক্ষ নির্বাচন আয়োজন করা এখন সময়ের দাবি। সাধারণ মানুষ শান্তি ও নিরাপত্তা চায় এবং প্রতিটি নাগরিকের অধিকার রক্ষায় সরকারকে আরও কার্যকর ভূমিকা রাখতে হবে। এ বিষয়ে সংশ্লিষ্ট মন্ত্রণালয়ের কর্মকর্তারা জানান দ্রুত প্রয়োজনীয় পদক্ষেপ নেওয়া হবে। দেশের রাজনীতি অর্থনীতি ও সামাজিক পরিস্থিতি নিয়ে বিশিষ্টজনেরা বলেন সকলের অংশগ্রহণে একটি সুষ্ঠু ও নিরপেক্ষ নির্বাচন আয়োজন করা এখন সময়ের দাবি। সাধারণ মানুষ শান্তি ও নিরাপত্তা চায় এবং প্রতিটি নাগরিকের অধিকার রক্ষায় সরকারকে আরও কার্যকর ভূমিকা রাখতে হবে। এ বিষয়ে সংশ্লিষ্ট মন্ত্রণালয়ের কর্মকর্তারা জানান দ্রুত প্রয়োজনীয় পদক্ষেপ নেওয়া হবে। দেশের রাজনীতি অর্থনীতি ও সামাজিক পরিস্থিতি নিয়ে বিশিষ্টজনেরা বলেন সকলের অংশগ্রহণে একটি সুষ্ঠু ও নিরপেক্ষ নির্বাচন আয়োজন করা এখন সময়ের দাবি। সাধারণ মানুষ শান্তি ও নিরাপত্তা চায় এবং প্রতিটি নাগরিকের অধিকার রক্ষায় সরকারকে আরও কার্যকর ভূমিকা রাখতে হবে। এ বিষয়ে সংশ্লিষ্ট মন্ত্রণালয়ের কর্মকর্তারা জানান দ্রুত প্রয়োজনীয় পদক্ষেপ নেওয়া হবে। দেশের রাজনীতি অর্থনীতি ও সামাজিক পরিস্থিতি নিয়ে বিশিষ্টজনেরা বলেন সকলের অংশগ্রহণে একটি সুষ্ঠু ও নিরপেক্ষ নির্বাচন আয়োজন করা এখন সময়ের দাবি। সাধারণ মানুষ শান্তি ও নিরাপত্তা চায় এবং প্রতিটি নাগরিকের অধিকার রক্ষায় সরকারকে আরও কার্যকর ভূমিকা রাখতে হবে। এ বিষয়ে সংশ্লিষ্ট মন্ত্রণালয়ের কর্মকর্তারা জানান দ্রুত প্রয়োজনীয় পদক্ষেপ নেওয়া হবে। দেশের রাজনীতি অর্থনীতি ও সামাজিক পরিস্থিতি নিয়ে বিশিষ্টজনেরা বলেন সকলের অংশগ্রহণে একটি সুষ্ঠু ও নিরপেক্ষ নির্বাচন আয়োজন করা এখন সময়ের দাবি। সাধারণ মানুষ শান্তি ও নিরাপত্তা চায় এবং প্রতিটি নাগরিকের অধিকার রক্ষায় সরকারকে আরও কার্যকর ভূমিকা রাখতে হবে। এ বিষয়ে সংশ্লিষ্ট মন্ত্রণালয়ের কর্মকর্তারা জানান দ্রুত প্রয়োজনীয় পদক্ষেপ নেওয়া হবে। দেশের রাজনীতি অর্থনীতি ও সামাজিক পরিস্থিতি নিয়ে বিশিষ্টজনেরা বলেন সকলের অংশগ্রহণে একটি সুষ্ঠু ও নিরপেক্ষ নির্বাচন আয়োজন করা এখন সময়ের দাবি। সাধারণ মানুষ শান্তি ও নিরাপত্তা চায় এবং প্রতিটি নাগরিকের অধিকার রক্ষায় সরকারকে আরও কার্যকর ভূমিকা রাখতে হবে। এ বিষয়ে সংশ্লিষ্ট মন্ত্রণালয়ের কর্মকর্তারা জানান দ্রুত প্রয়োজনীয় পদক্ষেপ নেওয়া হবে। দেশের রাজনীতি অর্থনীতি ও সামাজিক পরিস্থিতি নিয়ে বিশিষ্টজনেরা বলেন সকলের অংশগ্রহণে একটি সুষ্ঠু ও নিরপেক্ষ নির্বাচন আয়োজন করা এখন সময়ের দাবি। সাধারণ মানুষ শান্তি ও নিরাপত্তা চায় এবং প্রতিটি নাগরিকের অধিকার রক্ষায় সরকারকে আরও কার্যকর ভূমিকা রাখতে হবে। এ বিষয়ে সংশ্লিষ্ট মন্ত্রণালয়ের কর্মকর্তারা জানান দ্রুত প্রয়োজনীয় পদক্ষেপ নেওয়া হবে। দেশের রাজনীতি অর্থনীতি ও সামাজিক পরিস্থিতি নিয়ে বিশিষ্টজনেরা বলেন সকলের অংশগ্রহণে এ
প্রতিদিনই সীমান্তে রক্ত ঝরছে বাংলাদেশিদের
সকালের সময় প্রতিবেদক
দেশের রাজনীতি অর্থনীতি ও সামাজিক পরিস্থিতি নিয়ে বিশিষ্টজনেরা বলেন সকলের অংশগ্রহণে একটি সুষ্ঠু ও নিরপেক্ষ নির্বাচন আয়োজন করা এখন সময়ের দাবি। সাধারণ মানুষ শান্তি ও নিরাপত্তা চায় এবং প্রতিটি নাগরিকের অধিকার রক্ষায় সরকারকে আরও কার্যকর ভূমিকা রাখতে হবে। এ বিষয়ে সংশ্লিষ্ট মন্ত্রণালয়ের কর্মকর্তারা জানান দ্রুত প্রয়োজনীয় পদক্ষেপ নেওয়া হবে। দেশের রাজনীতি অর্থনীতি ও সামাজিক পরিস্থিতি নিয়ে বিশিষ্টজনেরা বলেন সকলের অংশগ্রহণে একটি সুষ্ঠু ও নিরপেক্ষ নির্বাচন আয়োজন করা এখন সময়ের দাবি। সাধারণ মানুষ শান্তি ও নিরাপত্তা চায় এবং প্রতিটি নাগরিকের অধিকার রক্ষায় সরকারকে আরও কার্যকর ভূমিকা রাখতে হবে। এ বিষয়ে সংশ্লিষ্ট মন্ত্রণালয়ের কর্মকর্তারা জানান দ্রুত প্রয়োজনীয় পদক্ষেপ নেওয়া হবে। দেশের রাজনীতি অর্থনীতি ও সামাজিক পরিস্থিতি নিয়ে বিশিষ্টজনেরা বলেন সকলের অংশগ্রহণে একটি সুষ্ঠু ও নিরপেক্ষ নির্বাচন আয়োজন করা এখন সময়ের দাবি। সাধারণ মানুষ শান্তি ও নিরাপত্তা চায় এবং প্রতিটি নাগরিকের অধিকার রক্ষায় সরকারকে আরও কার্যকর ভূমিকা রাখতে হবে। এ বিষয়ে সংশ্লিষ্ট মন্ত্রণালয়ের কর্মকর্তারা জানান দ্রুত প্রয়োজনীয় পদক্ষেপ নেওয়া হবে। দেশের রাজনীতি অর্থনীতি ও সামাজিক পরিস্থিতি নিয়ে বিশিষ্টজনেরা বলেন সকলের অংশগ্রহণে একটি সুষ্ঠু ও নিরপেক্ষ নির্বাচন আয়োজন করা এখন সময়ের দাবি। সাধারণ মানুষ শান্তি ও নিরাপত্তা চায় এবং প্রতিটি নাগরিকের অধিকার রক্ষায় সরকারকে আরও কার্যকর ভূমিকা রাখতে হবে। এ বিষয়ে সংশ্লিষ্ট মন্ত্রণালয়ের কর্মকর্তারা জানান দ্রুত প্রয়োজনীয় পদক্ষেপ নেওয়া হবে। দেশের রাজনীতি অর্থনীতি ও সামাজিক পরিস্থিতি নিয়ে বিশিষ্টজনেরা বলেন সকলের অংশগ্রহণে একটি সুষ্ঠু ও নিরপেক্ষ নির্বাচন আয়োজন করা এখন সময়ের দাবি। সাধারণ মানুষ শান্তি ও নিরাপত্তা চায় এবং প্রতিটি নাগরিকের অধিকার রক্ষায় সরকারকে আরও কার্যকর ভূমিকা রাখতে হবে। এ বিষয়ে সংশ্লিষ্ট মন্ত্রণালয়ের কর্মকর্তারা জানান দ্রুত প্রয়োজনীয় পদক্ষেপ নেওয়া হবে। দেশের রাজনীতি অর্থনীতি ও সামাজিক পরিস্থিতি নিয়ে বিশিষ্টজনেরা বলেন সকলের অংশগ্রহণে একটি সুষ্ঠু ও নিরপেক্ষ নির্বাচন আয়োজন করা এখন সময়ের দাবি। সাধারণ মানুষ শান্তি ও নিরাপত্তা চায় এবং প্রতিটি নাগরিকের অধিকার রক্ষায় সরকারকে আরও কার্যকর ভূমিকা রাখতে হবে। এ বিষয়ে সংশ্লিষ্ট মন্ত্রণালয়ের কর্মকর্তারা জানান দ্রুত প্রয়োজনীয় পদক্ষেপ নেওয়া হবে। দেশের রাজনীতি অর্থনীতি ও সামাজিক পরিস্থিতি নিয়ে বিশিষ্টজনেরা বলেন সকলের অংশগ্রহণে একটি সুষ্ঠু ও নিরপেক্ষ নির্বাচন আয়োজন করা এখন সময়ের দাবি। সাধারণ মানুষ শান্তি ও নিরাপত্তা চায় এবং প্রতিটি নাগরিকের অধিকার রক্ষায় সরকারকে আরও কার্যকর ভূমিকা রাখতে হবে। এ বিষয়ে সংশ্লিষ্ট মন্ত্রণালয়ের কর্মকর্তারা জানান দ্রুত প্রয়োজনীয় পদক্ষেপ নেওয়া হবে। দেশের রাজনীতি অর্থনীতি ও সামাজিক পরিস্থিতি নিয়ে বিশিষ্টজনেরা বলেন সকলের অংশগ্রহণে একটি সুষ্ঠু ও নিরপেক্ষ নির্বাচন আয়োজন করা এখন সময়ের দাবি। সাধারণ মানুষ শান্তি ও নিরাপত্তা চায় এবং প্রতিটি নাগরিকের অধিকার রক্ষায় সরকারকে আরও কার্যকর ভূমিকা রাখতে হবে। এ বিষয়ে সংশ্লিষ্ট মন্ত্রণালয়ের কর্মকর্তারা জানান দ্রুত প্রয়োজনীয় পদক্ষেপ নেওয়া হবে। দেশের রাজনীতি অর্থনীতি ও সামাজিক পরিস্থিতি নিয়ে বিশিষ্টজনেরা বলেন সকলের অংশগ্রহণে একটি সুষ্ঠু ও নিরপেক্ষ নির্বাচন আয়োজন করা এখন সময়ের দাবি। সাধারণ মানুষ শান্তি ও নিরাপত্তা চায় এবং প্রতিটি নাগরিকের অধিকার রক্ষায় সরকারকে আরও কার্যকর ভূমিকা রাখতে হবে। এ বিষয়ে সংশ্লিষ্ট মন্ত্রণালয়ের কর্মকর্তারা জানান দ্রুত প্রয়োজনীয় পদক্ষেপ নেওয়া হবে। দেশের রাজনীতি অর্থনীতি ও সামাজিক পরিস্থিতি নিয়ে বিশিষ্টজনেরা বলেন সকলের অংশগ্রহণে একটি সুষ্ঠু ও নিরপেক্ষ নির্বাচন আয়োজন করা এখন সময়ের দাবি। সাধারণ মানুষ শান্তি ও নিরাপত্তা চায় এবং প্রতিটি নাগরিকের অধিকার রক্ষায় সরকারকে আরও কার্যকর ভূমিকা রাখতে হবে। এ বিষয়ে সংশ্লিষ্ট মন্ত্রণালয়ের কর্মকর্তারা জানান দ্রুত প্রয়োজনীয় পদক্ষেপ নেওয়া হবে। দেশের রাজনীতি অর্থনীতি ও সামাজিক পরিস্থিতি নিয়ে বিশিষ্টজনেরা বলেন সকলের অংশগ্রহণে একটি সুষ্ঠু ও নিরপেক্ষ নির্বাচন আয়োজন করা এখন সময়ের দাবি। সাধারণ মানুষ শান্তি ও নিরাপত্তা চায় এবং প্রতিটি নাগরিকের অধিকার রক্ষায় সরকারকে আরও কার্যকর ভূমিকা রাখতে হবে। এ বিষয়ে সংশ্লিষ্ট মন্ত্রণালয়ের কর্মকর্তারা জানান দ্রুত প্রয়োজনীয় পদক্ষেপ নেওয়া হবে। দেশের রাজনীতি অর্থনীতি ও সামাজিক পরিস্থিতি নিয়ে বিশিষ্টজনেরা বলেন সকলের অংশগ্রহণে একটি সুষ্ঠু ও নিরপেক্ষ নির্বাচন আয়োজন করা এখন সময়ের দাবি। সাধারণ মানুষ শান্তি ও নিরাপত্তা চায় এবং প্রতিটি নাগরিকের অধিকার রক্ষায় সরকারকে আরও কার্যকর ভূমিকা রাখতে হবে। এ বিষয়ে সংশ্লিষ্ট মন্ত্রণালয়ের কর্মকর্তারা জানান দ্রুত প্রয়োজনীয় পদক্ষেপ নেওয়া হবে। দেশের রাজনীতি অর্থনীতি ও সামাজিক পরিস্থিতি নিয়ে বিশিষ্টজনেরা বলেন সকলের অংশগ্রহণে একটি সুষ্ঠু ও নিরপেক্ষ নির্বাচন আয়োজন করা এখন সময়ের দাবি। সাধারণ মানুষ শান্তি ও নিরাপত্তা চায় এবং প্রতিটি নাগরিকের অধিকার রক্ষায় সরকারকে আরও কার্যকর ভূমিকা রাখতে হবে। এ বিষয়ে সংশ্লিষ্ট মন্ত্রণালয়ের কর্মকর্তারা জানান দ্রুত প্রয়োজনীয় পদক্ষেপ নেওয়া হবে। দেশের রাজনীতি অর্থনীতি ও সামাজিক পরিস্থিতি নিয়ে বিশিষ্টজনেরা বলেন সকলের অংশগ্রহণে একটি সুষ্ঠু ও নিরপেক্ষ নির্বাচন আয়োজন করা এখন সময়ের দাবি। সাধারণ মানুষ শান্তি ও নিরাপত্তা চায় এবং প্রতিটি নাগরিকের অধিকার রক্ষায় সরকারকে আরও কার্যকর ভূমিকা রাখতে হবে। এ বিষয়ে সংশ্লিষ্ট মন্ত্রণালয়ের কর্মকর্তারা জানান দ্রুত প্রয়োজনীয় পদক্ষেপ নেওয়া হবে। দেশের রাজনীতি অর্থনীতি ও সামাজিক পরিস্থিতি নিয়ে বিশিষ্টজনেরা বলেন সকলের অংশগ্রহণে একটি সুষ্ঠু ও নিরপেক্ষ নির্বাচন আয়োজন করা এখন সময়ের দাবি। সাধারণ মানুষ শান্তি ও নিরাপত্তা চায় এবং প্রতিটি নাগরিকের অধিকার রক্ষায় সরকারকে আরও কার্যকর ভূমিকা রাখতে হবে। এ বিষয়ে সংশ্লিষ্ট মন্ত্রণালয়ের কর্মকর্তারা জানান দ্রুত প্রয়োজনীয় পদক্ষেপ নেওয়া হবে। দেশের রাজনীতি অর্থনীতি ও সামাজিক পরিস্থিতি নিয়ে বিশিষ্টজনেরা বলেন সকলের অংশগ্রহণে একটি সুষ্ঠু ও নিরপেক্ষ
অগ্নিসন্ত্রাস রুখতে জাতীয় ঐক্য জরুরি
সকালের সময় প্রতিবেদক
দেশের রাজনীতি অর্থনীতি ও সামাজিক পরিস্থিতি নিয়ে বিশিষ্টজনেরা বলেন সকলের অংশগ্রহণে একটি সুষ্ঠু ও নিরপেক্ষ নির্বাচন আয়োজন করা এখন সময়ের দাবি। সাধারণ মানুষ শান্তি ও নিরাপত্তা চায় এবং প্রতিটি নাগরিকের অধিকার রক্ষায় সরকারকে আরও কার্যকর ভূমিকা রাখতে হবে। এ বিষয়ে সংশ্লিষ্ট মন্ত্রণালয়ের কর্মকর্তারা জানান দ্রুত প্রয়োজনীয় পদক্ষেপ নেওয়া হবে। দেশের রাজনীতি অর্থনীতি ও সামাজিক পরিস্থিতি নিয়ে বিশিষ্টজনেরা বলেন সকলের অংশগ্রহণে একটি সুষ্ঠু ও নিরপেক্ষ নির্বাচন আয়োজন করা এখন সময়ের দাবি। সাধারণ মানুষ শান্তি ও নিরাপত্তা চায় এবং প্রতিটি নাগরিকের অধিকার রক্ষায় সরকারকে আরও কার্যকর ভূমিকা রাখতে হবে। এ বিষয়ে সংশ্লিষ্ট মন্ত্রণালয়ের কর্মকর্তারা জানান দ্রুত প্রয়োজনীয় পদক্ষেপ নেওয়া হবে। দেশের রাজনীতি অর্থনীতি ও সামাজিক পরিস্থিতি নিয়ে বিশিষ্টজনেরা বলেন সকলের অংশগ্রহণে একটি সুষ্ঠু ও নিরপেক্ষ নির্বাচন আয়োজন করা এখন সময়ের দাবি। সাধারণ মানুষ শান্তি ও নিরাপত্তা চায় এবং প্রতিটি নাগরিকের অধিকার রক্ষায় সরকারকে আরও কার্যকর ভূমিকা রাখতে হবে। এ বিষয়ে সংশ্লিষ্ট মন্ত্রণালয়ের কর্মকর্তারা জানান দ্রুত প্রয়োজনীয় পদক্ষেপ নেওয়া হবে। দেশের রাজনীতি অর্থনীতি ও সামাজিক পরিস্থিতি নিয়ে বিশিষ্টজনেরা বলেন সকলের অংশগ্রহণে একটি সুষ্ঠু ও নিরপেক্ষ নির্বাচন আয়োজন করা এখন সময়ের দাবি। সাধারণ মানুষ শান্তি ও নিরাপত্তা চায় এবং প্রতিটি নাগরিকের অধিকার রক্ষায় সরকারকে আরও কার্যকর ভূমিকা রাখতে হবে। এ বিষয়ে সংশ্লিষ্ট মন্ত্রণালয়ের কর্মকর্তারা জানান দ্রুত প্রয়োজনীয় পদক্ষেপ নেওয়া হবে। দেশের রাজনীতি অর্থনীতি ও সামাজিক পরিস্থিতি নিয়ে বিশিষ্টজনেরা বলেন সকলের অংশগ্রহণে একটি সুষ্ঠু ও নিরপেক্ষ নির্বাচন আয়োজন করা এখন সময়ের দাবি। সাধারণ মানুষ শান্তি ও নিরাপত্তা চায় এবং প্রতিটি নাগরিকের অধিকার রক্ষায় সরকারকে আরও কার্যকর ভূমিকা রাখতে হবে। এ বিষয়ে সংশ্লিষ্ট মন্ত্রণালয়ের কর্মকর্তারা জানান দ্রুত প্রয়োজনীয় পদক্ষেপ নেওয়া হবে। দেশের রাজনীতি অর্থনীতি ও সামাজিক পরিস্থিতি নিয়ে বিশিষ্টজনেরা বলেন সকলের অংশগ্রহণে একটি সুষ্ঠু ও নিরপেক্ষ নির্বাচন আয়োজন করা এখন সময়ের দাবি। সাধারণ মানুষ শান্তি ও নিরাপত্তা চায় এবং প্রতিটি নাগরিকের অধিকার রক্ষায় সরকারকে আরও কার্যকর ভূমিকা রাখতে হবে। এ বিষয়ে সংশ্লিষ্ট মন্ত্রণালয়ের কর্মকর্তারা জানান দ্রুত প্রয়োজনীয় পদক্ষেপ নেওয়া হবে। দেশের রাজনীতি অর্থনীতি ও সামাজিক পরিস্থিতি নিয়ে বিশিষ্টজনেরা বলেন সকলের অংশগ্রহণে একটি সুষ্ঠু ও নিরপেক্ষ নির্বাচন আয়োজন করা এখন সময়ের দাবি। সাধারণ মানুষ শান্তি ও নিরাপত্তা চায় এবং প্রতিটি নাগরিকের অধিকার রক্ষায় সরকারকে আরও কার্যকর ভূমিকা রাখতে হবে। এ বিষয়ে সংশ্লিষ্ট মন্ত্রণালয়ের কর্মকর্তারা জানান দ্রুত প্রয়োজনীয় পদক্ষেপ নেওয়া হবে। দেশের রাজনীতি অর্থনীতি ও সামাজিক পরিস্থিতি নিয়ে বিশিষ্টজনেরা বলেন সকলের অংশগ্রহণে একটি সুষ্ঠু ও নিরপেক্ষ নির্বাচন আয়োজন করা এখন সময়ের দাবি। সাধারণ মানুষ শান্তি ও নিরাপত্তা চায় এবং প্রতিটি নাগরিকের অধিকার রক্ষায় সরকারকে আরও কার্যকর ভূমিকা রাখতে হবে। এ বিষয়ে সংশ্লিষ্ট মন্ত্রণালয়ের কর্মকর্তারা জানান দ্রুত প্রয়োজনীয় পদক্
পুশইন রোধে সরকারের কার্যকর পদক্ষেপ নেই
সকালের সময় প্রতিবেদক
দেশের রাজনীতি অর্থনীতি ও সামাজিক পরিস্থিতি নিয়ে বিশিষ্টজনেরা বলেন সকলের অংশগ্রহণে একটি সুষ্ঠু ও নিরপেক্ষ নির্বাচন আয়োজন করা এখন সময়ের দাবি। সাধারণ মানুষ শান্তি ও নিরাপত্তা চায় এবং প্রতিটি নাগরিকের অধিকার রক্ষায় সরকারকে আরও কার্যকর ভূমিকা রাখতে হবে। এ বিষয়ে সংশ্লিষ্ট মন্ত্রণালয়ের কর্মকর্তারা জানান দ্রুত প্রয়োজনীয় পদক্ষেপ নেওয়া হবে। দেশের রাজনীতি অর্থনীতি ও সামাজিক পরিস্থিতি নিয়ে বিশিষ্টজনেরা বলেন সকলের অংশগ্রহণে একটি সুষ্ঠু ও নিরপেক্ষ নির্বাচন আয়োজন করা এখন সময়ের দাবি। সাধারণ মানুষ শান্তি ও নিরাপত্তা চায় এবং প্রতিটি নাগরিকের অধিকার রক্ষায় সরকারকে আরও কার্যকর ভূমিকা রাখতে হবে। এ বিষয়ে সংশ্লিষ্ট মন্ত্রণালয়ের কর্মকর্তারা জানান দ্রুত প্রয়োজনীয় পদক্ষেপ নেওয়া হবে। দেশের রাজনীতি অর্থনীতি ও সামাজিক পরিস্থিতি নিয়ে বিশিষ্টজনেরা বলেন সকলের অংশগ্রহণে একটি সুষ্ঠু ও নিরপেক্ষ নির্বাচন আয়োজন করা এখন সময়ের দাবি। সাধারণ মানুষ শান্তি ও নিরাপত্তা চায় এবং প্রতিটি নাগরিকের অধিকার রক্ষায় সরকারকে আরও কার্যকর ভূমিকা রাখতে হবে। এ বিষয়ে সংশ্লিষ্ট মন্ত্রণালয়ের কর্মকর্তারা জানান দ্রুত প্রয়োজনীয় পদক্ষেপ নেওয়া হবে। দেশের রাজনীতি অর্থনীতি ও সামাজিক পরিস্থিতি নিয়ে বিশিষ্টজনেরা বলেন সকলের অংশগ্রহণে একটি সুষ্ঠু ও নিরপেক্ষ নির্বাচন আয়োজন করা এখন সময়ের দাবি। সাধারণ মানুষ শান্তি ও নিরাপত্তা চায় এবং প্রতিটি নাগরিকের অধিকার রক্ষায় সরকারকে আরও কার্যকর ভূমিকা রাখতে হবে। এ বিষয়ে সংশ্লিষ্ট মন্ত্রণালয়ের কর্মকর্তারা জানান দ্রুত প্রয়োজনীয় পদক্ষেপ নেওয়া হবে। দেশের রাজনীতি অর্থনীতি ও সামাজিক পরিস্থিতি নিয়ে বিশিষ্টজনেরা বলেন সকলের অংশগ্রহণে একটি সুষ্ঠু ও নিরপেক্ষ নির্বাচন আয়োজন করা এখন সময়ের দাবি। সাধারণ মানুষ শান্তি ও নিরাপত্তা চায় এবং প্রতিটি নাগরিকের অধিকার রক্ষায় সরকারকে আরও কার্যকর ভূমিকা রাখতে হবে। এ বিষয়ে সংশ্লিষ্ট মন্ত্রণালয়ের কর্মকর্তারা জানান দ্রুত প্রয়োজনীয় পদক্ষেপ নেওয়া হবে। দেশের রাজনীতি অর্থনীতি ও সামাজিক পরিস্থিতি নিয়ে বিশিষ্টজনেরা বলেন সকলের অংশগ্রহণে একটি সুষ্ঠু ও নিরপেক্ষ নির্বাচন আয়োজন করা এখন সময়ের দাবি। সাধারণ মানুষ শান্তি ও নিরাপত্তা চায় এবং প্রতিটি নাগরিকের অধিকার রক্ষায় সরকারকে আরও কার্যকর ভূমিকা রাখতে হবে। এ বিষয়ে সংশ্লিষ্ট মন্ত্রণালয়ের কর্মকর্তারা জানান দ্রুত প্রয়োজনীয় পদক্ষেপ নেওয়া হবে। দেশের রাজনীতি অর্থনীতি ও সামাজিক পরিস্থিতি নিয়ে বিশিষ্টজনেরা বলেন সকলের অংশগ্রহণে একটি সুষ্ঠু ও নিরপেক্ষ নির্বাচন আয়োজন করা এখন সময়ের দাবি। সাধারণ মানুষ শান্তি ও নিরাপত্তা চায় এবং প্রতিটি নাগরিকের অধিকার রক্ষায় সরকারকে আরও কার্যকর ভূমিকা রাখতে হবে। এ বিষয়ে সংশ্লিষ্ট মন্ত্রণালয়ের কর্মকর্তারা জানান দ্রুত প্রয়োজনীয় পদক্ষেপ নেওয়া হবে। দেশের রাজনীতি অর্থনীতি ও সামাজিক পরিস্থিতি নিয়ে বিশিষ্টজনেরা বলেন সকলের অংশগ্রহণে একটি সুষ্ঠু ও নিরপেক্ষ নির্বাচন আয়োজন করা এখন সময়ের দাবি। সাধারণ মানুষ শান্তি ও নিরাপত্তা চায় এবং প্রতিটি নাগরিকের অধিকার রক্ষায় সরকারকে আরও কার্যকর ভূমিকা রাখতে হবে। এ বিষয়ে সংশ্লিষ্ট মন্ত্রণালয়ের কর্মকর্তারা জানান দ্রুত প্রয়োজনীয় পদক্ষেপ নেওয়া হবে। দেশের রাজনীতি অর্থনীতি ও সামাজিক পরিস্থিতি নিয়ে বিশিষ্টজনেরা বলেন সকলের অংশগ্রহণে একটি সুষ্ঠু ও নিরপেক্ষ নির্বাচন আয়োজন করা এখন সময়ের দাবি। সাধারণ মানুষ শান্তি ও নিরাপত্তা চায় এবং প্রতিটি নাগরিকের অধিকার রক্ষায় সরকারকে আরও কার্
নিরাপদ সড়ক গড়তে আইনের যথাযথ প্রয়োগ নিশ্চিত করুন
সকালের সময় প্রতিবেদক
দেশের রাজনীতি অর্থনীতি ও সামাজিক পরিস্থিতি নিয়ে বিশিষ্টজনেরা বলেন সকলের অংশগ্রহণে একটি সুষ্ঠু ও নিরপেক্ষ নির্বাচন আয়োজন করা এখন সময়ের দাবি। সাধারণ মানুষ শান্তি ও নিরাপত্তা চায় এবং প্রতিটি নাগরিকের অধিকার রক্ষায় সরকারকে আরও কার্যকর ভূমিকা রাখতে হবে। এ বিষয়ে সংশ্লিষ্ট মন্ত্রণালয়ের কর্মকর্তারা জানান দ্রুত প্রয়োজনীয় পদক্ষেপ নেওয়া হবে। দেশের রাজনীতি অর্থনীতি ও সামাজিক পরিস্থিতি নিয়ে বিশিষ্টজনেরা বলেন সকলের অংশগ্রহণে একটি সুষ্ঠু ও নিরপেক্ষ নির্বাচন আয়োজন করা এখন সময়ের দাবি। সাধারণ মানুষ শান্তি ও নিরাপত্তা চায় এবং প্রতিটি নাগরিকের অধিকার রক্ষায় সরকারকে আরও কার্যকর ভূমিকা রাখতে হবে। এ বিষয়ে সংশ্লিষ্ট মন্ত্রণালয়ের কর্মকর্তারা জানান দ্রুত প্রয়োজনীয় পদক্ষেপ নেওয়া হবে। দেশের রাজনীতি অর্থনীতি ও সামাজিক পরিস্থিতি নিয়ে বিশিষ্টজনেরা বলেন সকলের অংশগ্রহণে একটি সুষ্ঠু ও নিরপেক্ষ নির্বাচন আয়োজন করা এখন সময়ের দাবি। সাধারণ মানুষ শান্তি ও নিরাপত্তা চায় এবং প্রতিটি নাগরিকের অধিকার রক্ষায় সরকারকে আরও কার্যকর ভূমিকা রাখতে হবে। এ বিষয়ে সংশ্লিষ্ট মন্ত্রণালয়ের কর্মকর্তারা জানান দ্রুত প্রয়োজনীয় পদক্ষেপ নেওয়া হবে। দেশের রাজনীতি অর্থনীতি ও সামাজিক পরিস্থিতি নিয়ে বিশিষ্টজনেরা বলেন সকলের অংশগ্রহণে একটি সুষ্ঠু ও নিরপেক্ষ নির্বাচন আয়োজন করা এখন সময়ের দাবি। সাধারণ মানুষ শান্তি ও নিরাপত্তা চায় এবং প্রতিটি নাগরিকের অধিকার রক্ষায় সরকারকে আরও কার্যকর ভূমিকা রাখতে হবে। এ বিষয়ে সংশ্লিষ্ট মন্ত্রণালয়ের কর্মকর্তারা জানান দ্রুত প্রয়োজনীয় পদক্ষেপ নেওয়া হবে। দেশের রাজনীতি অর্থনীতি ও সামাজিক পরিস্থিতি নিয়ে বিশিষ্টজনেরা বলেন সকলের অংশগ্রহণে একটি সুষ্ঠু ও নিরপেক্ষ নির্বাচন আয়োজন করা এখন সময়ের দাবি। সাধারণ মানুষ শান্তি ও নিরাপত্তা চায় এবং প্রতিটি নাগরিকের অধিকার রক্ষায় সরকারকে আরও কার্যকর ভূমিকা রাখতে হবে। এ বিষয়ে সংশ্লিষ্ট মন্ত্রণালয়ের কর্মকর্তারা জানান দ্রুত প্রয়োজনীয় পদক্ষেপ নেওয়া হবে। দেশের রাজনীতি অর্থনীতি ও সামাজিক পরিস্থিতি নিয়ে বিশিষ্টজনেরা বলেন সকলের অংশগ্রহণে একটি সুষ্ঠু ও নিরপেক্ষ নির্বাচন আয়োজন করা এখন সময়ের দাবি। সাধারণ মানুষ শান্তি ও নিরাপত্তা চায় এবং প্রতিটি নাগরিকের অধিকার রক্ষায় সরকারকে আরও কার্যকর ভূমিকা রাখতে হবে। এ বিষয়ে সংশ্লিষ্ট মন্ত্রণালয়ের কর্মকর্তারা জানান দ্রুত প্রয়োজনীয় পদক্ষেপ নেওয়া হবে। দেশের রাজনীতি অর্থনীতি ও সামাজিক পরিস্থিতি নিয়ে বিশিষ্টজনেরা বলেন সকলের অংশগ্রহণে একটি সুষ্ঠু ও নিরপেক্ষ নির্বাচন আয়োজন করা এখন সময়ের দাবি। সাধারণ মানুষ শান্তি ও নিরাপত্তা চায় এবং প্রতিটি নাগরিকের অধিকার রক্ষায় সরকারকে আরও কার্যকর ভূমিকা রাখতে হবে। এ বিষয়ে সংশ্লিষ্ট মন্ত্রণালয়ের কর্মকর্তারা জানান দ্রুত প্রয়োজনীয় পদক্ষেপ নেওয়া হবে। দেশের রাজনীতি অর্থনীতি ও সামাজিক পরিস্থিতি নিয়ে বিশিষ্টজনেরা বলেন সকলের অংশগ্রহণে একটি সুষ্ঠু ও নিরপেক্ষ নির্বাচন আয়োজন করা এখন সময়ের দাবি। সাধারণ মানুষ শান্তি ও নিরাপত্তা চায় এবং প্রতিটি নাগরিকের অধিকার রক্ষায় সরকারকে আরও কার্যকর ভূমিকা রাখতে হবে। এ বিষয়ে সংশ্লিষ্ট মন্ত্রণালয়ের কর্মকর্তারা জানান দ্রুত প্রয়োজনীয় পদক্ষেপ নেওয়া হবে। দেশের রাজনীতি অর্থনীতি ও সামাজিক পরিস্থিতি নিয়ে বিশিষ্টজনেরা বলেন সকলের অংশগ্রহণে একটি সুষ্ঠু ও নিরপেক্ষ নির্বাচন আয়োজন করা এখন সময়ের দাবি। সাধারণ মানুষ শান্তি ও নিরাপত্তা চায় এবং প্রতিটি নাগরিকের অধিকার রক্ষায় সরকারকে আরও কার্যকর ভূমিকা রাখতে হবে। এ বিষয়ে সংশ্লিষ্ট মন্ত্রণালয়ের কর্মকর্তারা জানান দ্রুত প্রয়োজনীয় পদক্ষেপ নেওয়া হবে। দেশের রাজনীতি অর্থনীতি ও সামাজিক পরিস্থিতি নিয়ে বিশিষ্টজনেরা বলেন সকলের অংশগ্রহণে একটি সুষ্ঠু ও নিরপেক্ষ নির্বাচন আয়োজন করা এখন সময়ের দাবি। সাধারণ মানুষ শান্তি ও নিরাপত্তা চায় এবং প্রতিটি নাগরিকের অধিকার রক্ষায় সরকারকে আরও কার্যকর ভূমিকা রাখতে হবে। এ বিষয়ে সংশ্লিষ্ট মন্ত্রণালয়ের কর্মকর্তারা জানান দ্রুত প্রয়োজনীয় পদক্ষেপ নেওয়া হবে। দেশের রাজনীতি অর্থনীতি ও সামাজিক পরিস্থিতি নিয়ে বিশিষ্টজনেরা বলেন সকলের অংশগ্রহণে একটি সুষ্ঠু ও নিরপেক্ষ নির্বাচন আয়োজন করা এখন সময়ের দাবি। সাধারণ মানুষ শান্তি ও নিরাপত্তা চায় এবং প্রতিটি নাগরিকের অধিকার রক্ষায় সরকারকে আরও কার্যকর ভূমিকা রাখতে হবে। এ বিষয়ে সংশ্লিষ্ট মন্ত্রণালয়ের কর্
